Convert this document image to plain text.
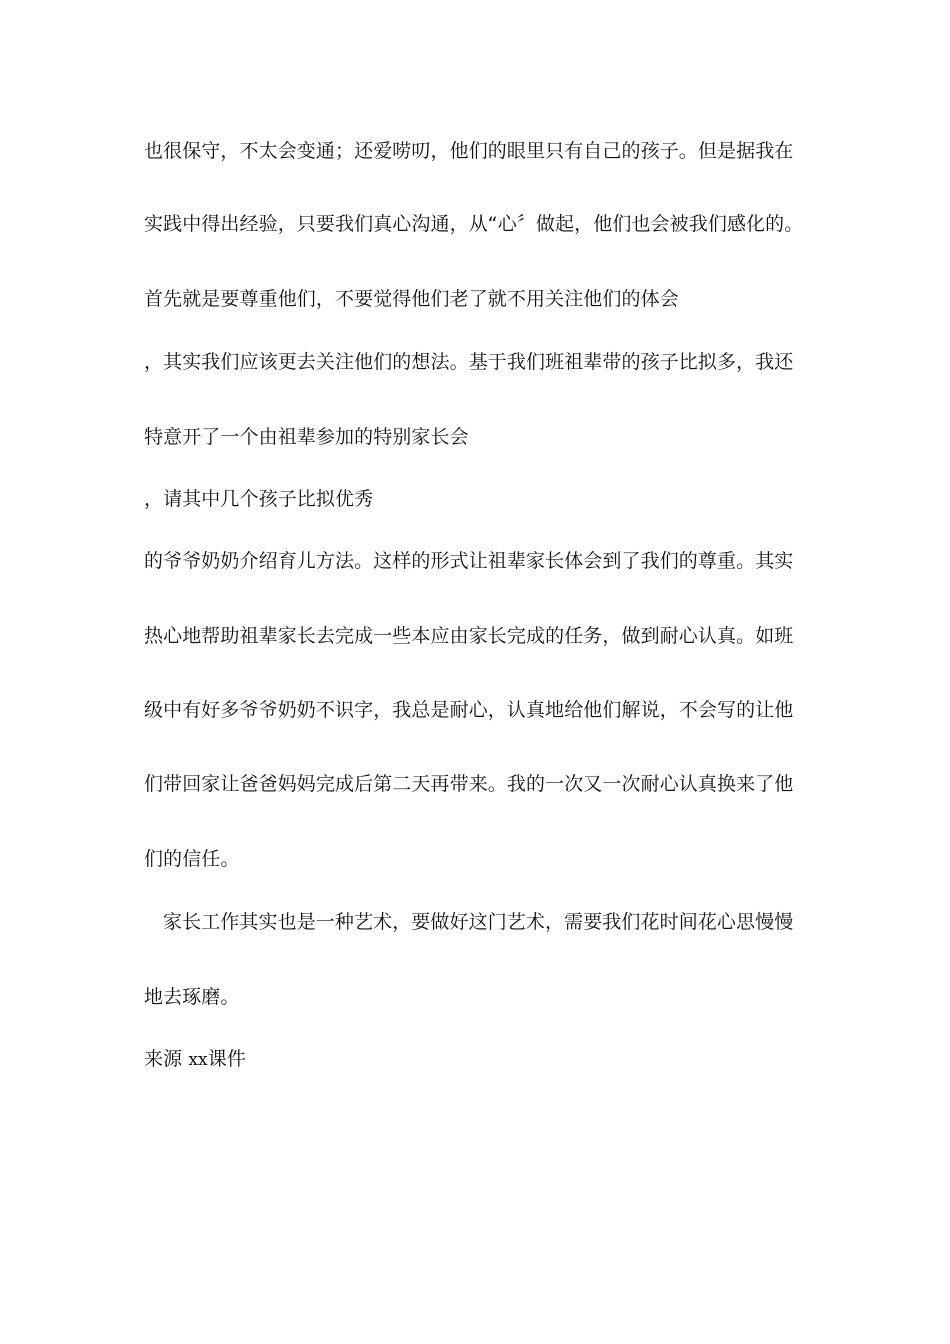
也很保守，不太会变通；还爱唠叨，他们的眼里只有自己的孩子。但是据我在
实践中得出经验，只要我们真心沟通，从“心〞做起，他们也会被我们感化的。
首先就是要尊重他们，不要觉得他们老了就不用关注他们的体会
，其实我们应该更去关注他们的想法。基于我们班祖辈带的孩子比拟多，我还
特意开了一个由祖辈参加的特别家长会
，请其中几个孩子比拟优秀
的爷爷奶奶介绍育儿方法。这样的形式让祖辈家长体会到了我们的尊重。其实
热心地帮助祖辈家长去完成一些本应由家长完成的任务，做到耐心认真。如班
级中有好多爷爷奶奶不识字，我总是耐心，认真地给他们解说，不会写的让他
们带回家让爸爸妈妈完成后第二天再带来。我的一次又一次耐心认真换来了他
们的信任。
家长工作其实也是一种艺术，要做好这门艺术，需要我们花时间花心思慢慢
地去琢磨。
来源 xx课件
